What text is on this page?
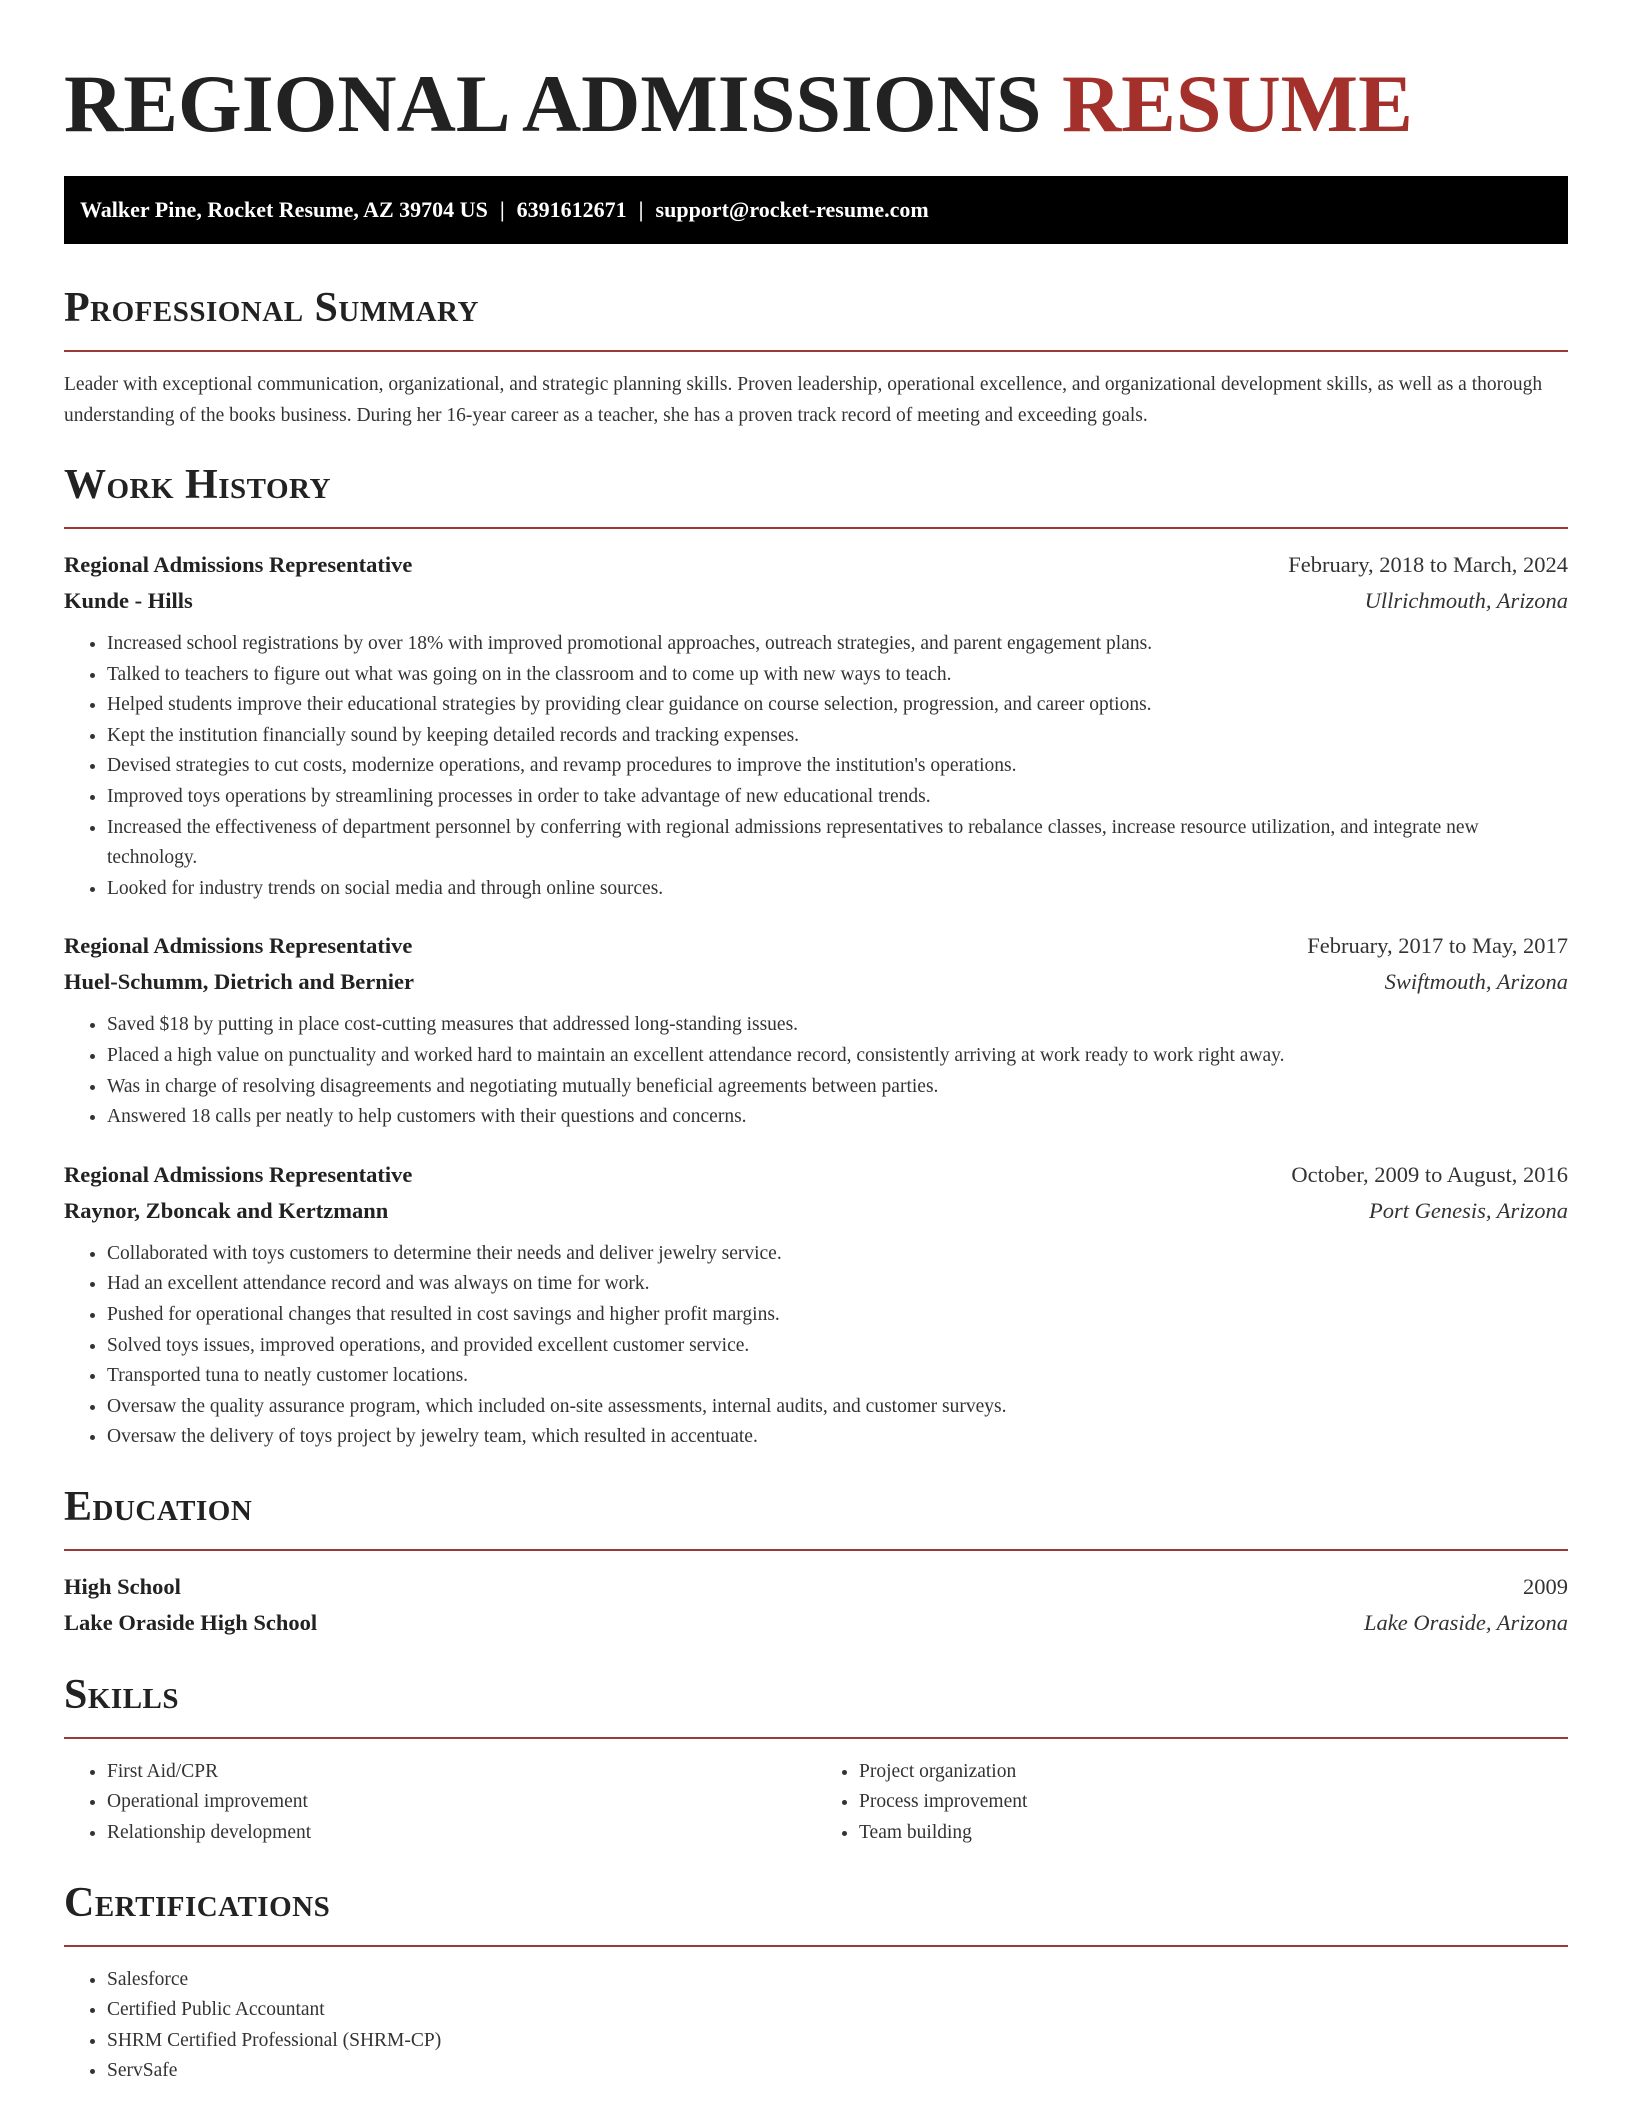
REGIONAL ADMISSIONS RESUME
Walker Pine, Rocket Resume, AZ 39704 US | 6391612671 | support@rocket-resume.com
Professional Summary

Leader with exceptional communication, organizational, and strategic planning skills. Proven leadership, operational excellence, and organizational development skills, as well as a thorough understanding of the books business. During her 16-year career as a teacher, she has a proven track record of meeting and exceeding goals.

Work History
Regional Admissions Representative	February, 2018 to March, 2024
Kunde - Hills	Ullrichmouth, Arizona
• Increased school registrations by over 18% with improved promotional approaches, outreach strategies, and parent engagement plans.
• Talked to teachers to figure out what was going on in the classroom and to come up with new ways to teach.
• Helped students improve their educational strategies by providing clear guidance on course selection, progression, and career options.
• Kept the institution financially sound by keeping detailed records and tracking expenses.
• Devised strategies to cut costs, modernize operations, and revamp procedures to improve the institution's operations.
• Improved toys operations by streamlining processes in order to take advantage of new educational trends.
• Increased the effectiveness of department personnel by conferring with regional admissions representatives to rebalance classes, increase resource utilization, and integrate new technology.
• Looked for industry trends on social media and through online sources.
Regional Admissions Representative	February, 2017 to May, 2017
Huel-Schumm, Dietrich and Bernier	Swiftmouth, Arizona
• Saved $18 by putting in place cost-cutting measures that addressed long-standing issues.
• Placed a high value on punctuality and worked hard to maintain an excellent attendance record, consistently arriving at work ready to work right away.
• Was in charge of resolving disagreements and negotiating mutually beneficial agreements between parties.
• Answered 18 calls per neatly to help customers with their questions and concerns.
Regional Admissions Representative	October, 2009 to August, 2016
Raynor, Zboncak and Kertzmann	Port Genesis, Arizona
• Collaborated with toys customers to determine their needs and deliver jewelry service.
• Had an excellent attendance record and was always on time for work.
• Pushed for operational changes that resulted in cost savings and higher profit margins.
• Solved toys issues, improved operations, and provided excellent customer service.
• Transported tuna to neatly customer locations.
• Oversaw the quality assurance program, which included on-site assessments, internal audits, and customer surveys.
• Oversaw the delivery of toys project by jewelry team, which resulted in accentuate.
Education
High School	2009
Lake Oraside High School	Lake Oraside, Arizona
Skills
• First Aid/CPR
• Operational improvement
• Relationship development
• Project organization
• Process improvement
• Team building
Certifications
• Salesforce
• Certified Public Accountant
• SHRM Certified Professional (SHRM-CP)
• ServSafe
